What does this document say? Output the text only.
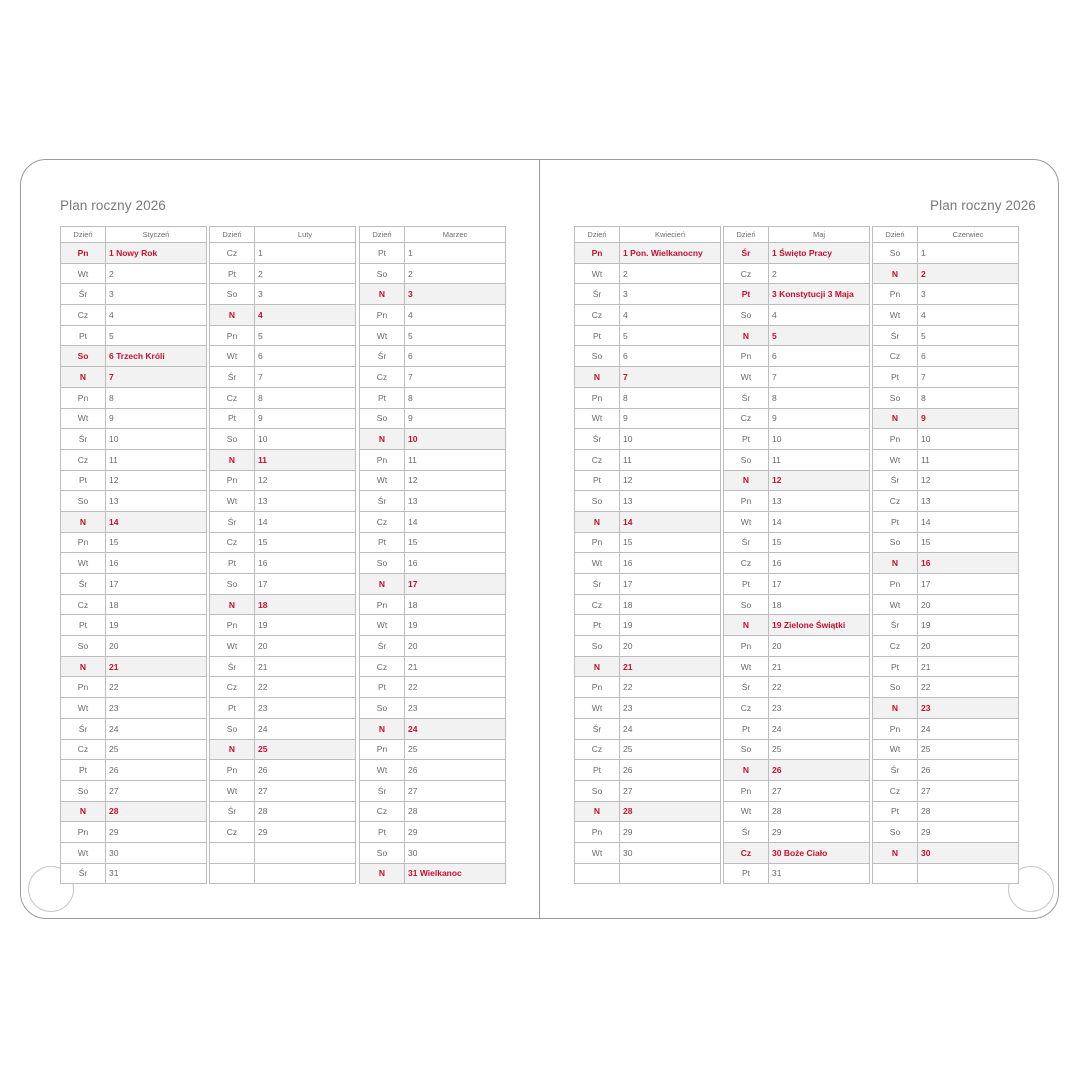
Plan roczny 2026	Plan roczny 2026
Dzień	Styczeń
Pn	1 Nowy Rok
Wt	2
Śr	3
Cz	4
Pt	5
So	6 Trzech Króli
N	7
Pn	8
Wt	9
Śr	10
Cz	11
Pt	12
So	13
N	14
Pn	15
Wt	16
Śr	17
Cz	18
Pt	19
So	20
N	21
Pn	22
Wt	23
Śr	24
Cz	25
Pt	26
So	27
N	28
Pn	29
Wt	30
Śr	31
Dzień	Luty
Cz	1
Pt	2
So	3
N	4
Pn	5
Wt	6
Śr	7
Cz	8
Pt	9
So	10
N	11
Pn	12
Wt	13
Śr	14
Cz	15
Pt	16
So	17
N	18
Pn	19
Wt	20
Śr	21
Cz	22
Pt	23
So	24
N	25
Pn	26
Wt	27
Śr	28
Cz	29
Dzień	Marzec
Pt	1
So	2
N	3
Pn	4
Wt	5
Śr	6
Cz	7
Pt	8
So	9
N	10
Pn	11
Wt	12
Śr	13
Cz	14
Pt	15
So	16
N	17
Pn	18
Wt	19
Śr	20
Cz	21
Pt	22
So	23
N	24
Pn	25
Wt	26
Śr	27
Cz	28
Pt	29
So	30
N	31 Wielkanoc
Dzień	Kwiecień
Pn	1 Pon. Wielkanocny
Wt	2
Śr	3
Cz	4
Pt	5
So	6
N	7
Pn	8
Wt	9
Śr	10
Cz	11
Pt	12
So	13
N	14
Pn	15
Wt	16
Śr	17
Cz	18
Pt	19
So	20
N	21
Pn	22
Wt	23
Śr	24
Cz	25
Pt	26
So	27
N	28
Pn	29
Wt	30
Dzień	Maj
Śr	1 Święto Pracy
Cz	2
Pt	3 Konstytucji 3 Maja
So	4
N	5
Pn	6
Wt	7
Śr	8
Cz	9
Pt	10
So	11
N	12
Pn	13
Wt	14
Śr	15
Cz	16
Pt	17
So	18
N	19 Zielone Świątki
Pn	20
Wt	21
Śr	22
Cz	23
Pt	24
So	25
N	26
Pn	27
Wt	28
Śr	29
Cz	30 Boże Ciało
Pt	31
Dzień	Czerwiec
So	1
N	2
Pn	3
Wt	4
Śr	5
Cz	6
Pt	7
So	8
N	9
Pn	10
Wt	11
Śr	12
Cz	13
Pt	14
So	15
N	16
Pn	17
Wt	20
Śr	19
Cz	20
Pt	21
So	22
N	23
Pn	24
Wt	25
Śr	26
Cz	27
Pt	28
So	29
N	30
